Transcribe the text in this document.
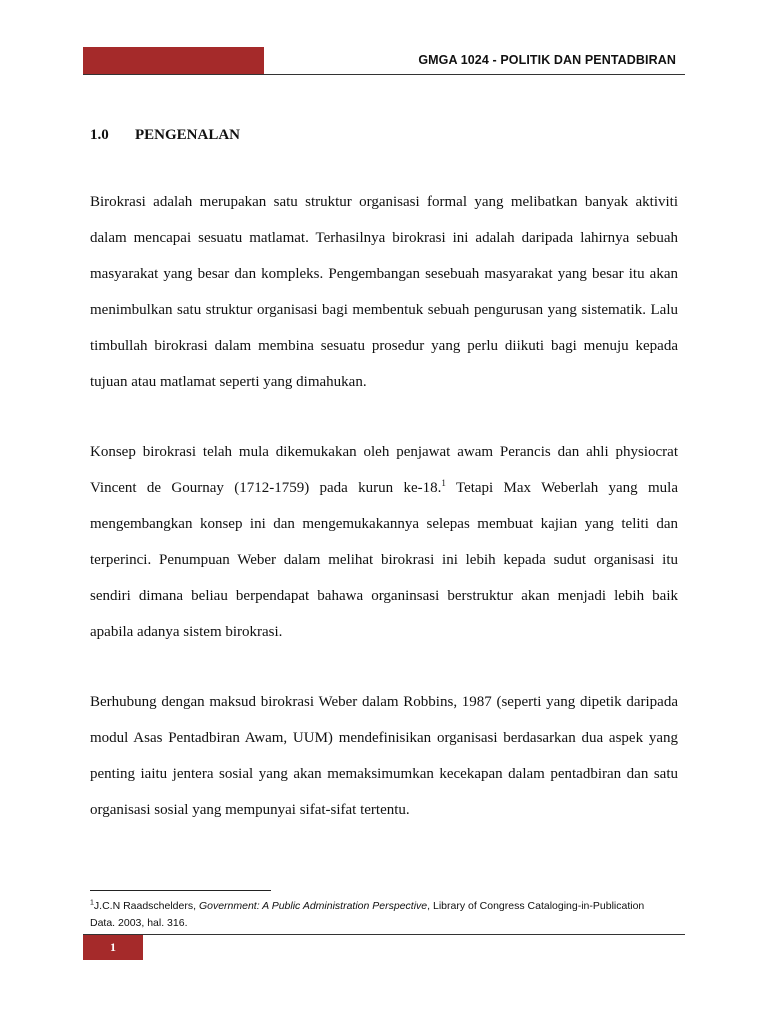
GMGA 1024 - POLITIK DAN PENTADBIRAN
1.0 PENGENALAN

Birokrasi adalah merupakan satu struktur organisasi formal yang melibatkan banyak aktiviti
dalam mencapai sesuatu matlamat. Terhasilnya birokrasi ini adalah daripada lahirnya sebuah
masyarakat yang besar dan kompleks. Pengembangan sesebuah masyarakat yang besar itu akan
menimbulkan satu struktur organisasi bagi membentuk sebuah pengurusan yang sistematik. Lalu
timbullah birokrasi dalam membina sesuatu prosedur yang perlu diikuti bagi menuju kepada
tujuan atau matlamat seperti yang dimahukan.

Konsep birokrasi telah mula dikemukakan oleh penjawat awam Perancis dan ahli physiocrat
Vincent de Gournay (1712-1759) pada kurun ke-18.$^1$ Tetapi Max Weberlah yang mula
mengembangkan konsep ini dan mengemukakannya selepas membuat kajian yang teliti dan
terperinci. Penumpuan Weber dalam melihat birokrasi ini lebih kepada sudut organisasi itu
sendiri dimana beliau berpendapat bahawa organinsasi berstruktur akan menjadi lebih baik
apabila adanya sistem birokrasi.

Berhubung dengan maksud birokrasi Weber dalam Robbins, 1987 (seperti yang dipetik daripada
modul Asas Pentadbiran Awam, UUM) mendefinisikan organisasi berdasarkan dua aspek yang
penting iaitu jentera sosial yang akan memaksimumkan kecekapan dalam pentadbiran dan satu
organisasi sosial yang mempunyai sifat-sifat tertentu.

$^1$J.C.N Raadschelders, Government: A Public Administration Perspective, Library of Congress Cataloging-in-Publication Data. 2003, hal. 316.
1
